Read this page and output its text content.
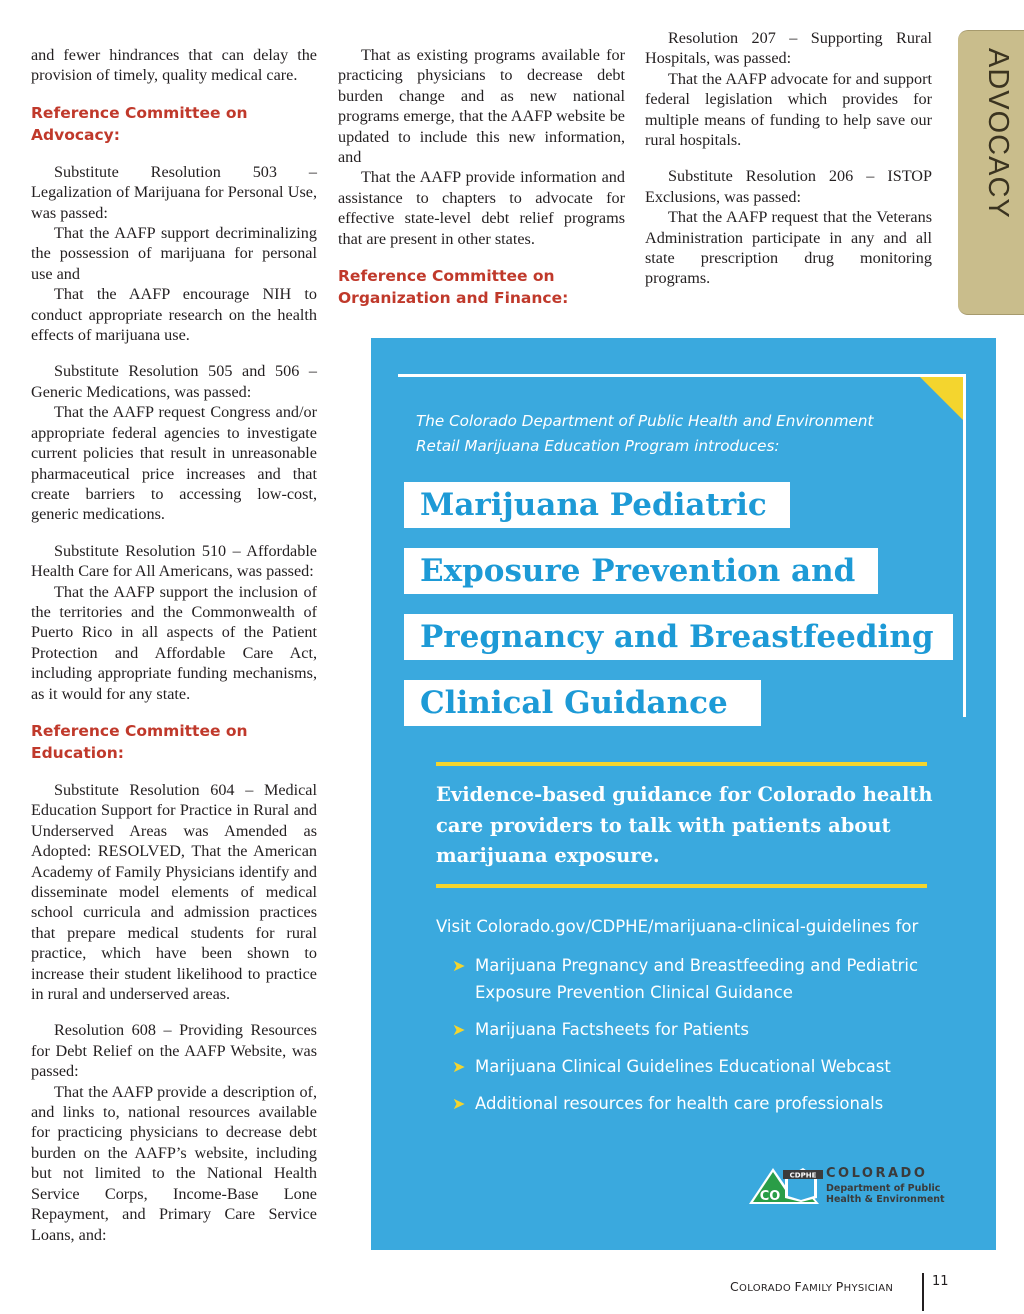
and fewer hindrances that can delay the provision of timely, quality medical care.

Reference Committee on Advocacy:

Substitute Resolution 503 – Legalization of Marijuana for Personal Use, was passed:

That the AAFP support decriminalizing the possession of marijuana for personal use and

That the AAFP encourage NIH to conduct appropriate research on the health effects of marijuana use.

Substitute Resolution 505 and 506 – Generic Medications, was passed:

That the AAFP request Congress and/or appropriate federal agencies to investigate current policies that result in unreasonable pharmaceutical price increases and that create barriers to accessing low-cost, generic medications.

Substitute Resolution 510 – Affordable Health Care for All Americans, was passed:

That the AAFP support the inclusion of the territories and the Commonwealth of Puerto Rico in all aspects of the Patient Protection and Affordable Care Act, including appropriate funding mechanisms, as it would for any state.

Reference Committee on Education:

Substitute Resolution 604 – Medical Education Support for Practice in Rural and Underserved Areas was Amended as Adopted: RESOLVED, That the American Academy of Family Physicians identify and disseminate model elements of medical school curricula and admission practices that prepare medical students for rural practice, which have been shown to increase their student likelihood to practice in rural and underserved areas.

Resolution 608 – Providing Resources for Debt Relief on the AAFP Website, was passed:

That the AAFP provide a description of, and links to, national resources available for practicing physicians to decrease debt burden on the AAFP’s website, including but not limited to the National Health Service Corps, Income-Base Lone Repayment, and Primary Care Service Loans, and:

That as existing programs available for practicing physicians to decrease debt burden change and as new national programs emerge, that the AAFP website be updated to include this new information, and

That the AAFP provide information and assistance to chapters to advocate for effective state-level debt relief programs that are present in other states.

Reference Committee on Organization and Finance:

Resolution 207 – Supporting Rural Hospitals, was passed:

That the AAFP advocate for and support federal legislation which provides for multiple means of funding to help save our rural hospitals.

Substitute Resolution 206 – ISTOP Exclusions, was passed:

That the AAFP request that the Veterans Administration participate in any and all state prescription drug monitoring programs.

ADVOCACY
The Colorado Department of Public Health and Environment
Retail Marijuana Education Program introduces:
Marijuana Pediatric
Exposure Prevention and
Pregnancy and Breastfeeding
Clinical Guidance
Evidence-based guidance for Colorado health care providers to talk with patients about marijuana exposure.
Visit Colorado.gov/CDPHE/marijuana-clinical-guidelines for
➤ Marijuana Pregnancy and Breastfeeding and Pediatric Exposure Prevention Clinical Guidance
➤ Marijuana Factsheets for Patients
➤ Marijuana Clinical Guidelines Educational Webcast
➤ Additional resources for health care professionals
CDPHE
CO
COLORADO
Department of Public
Health & Environment
COLORADO FAMILY PHYSICIAN	11
